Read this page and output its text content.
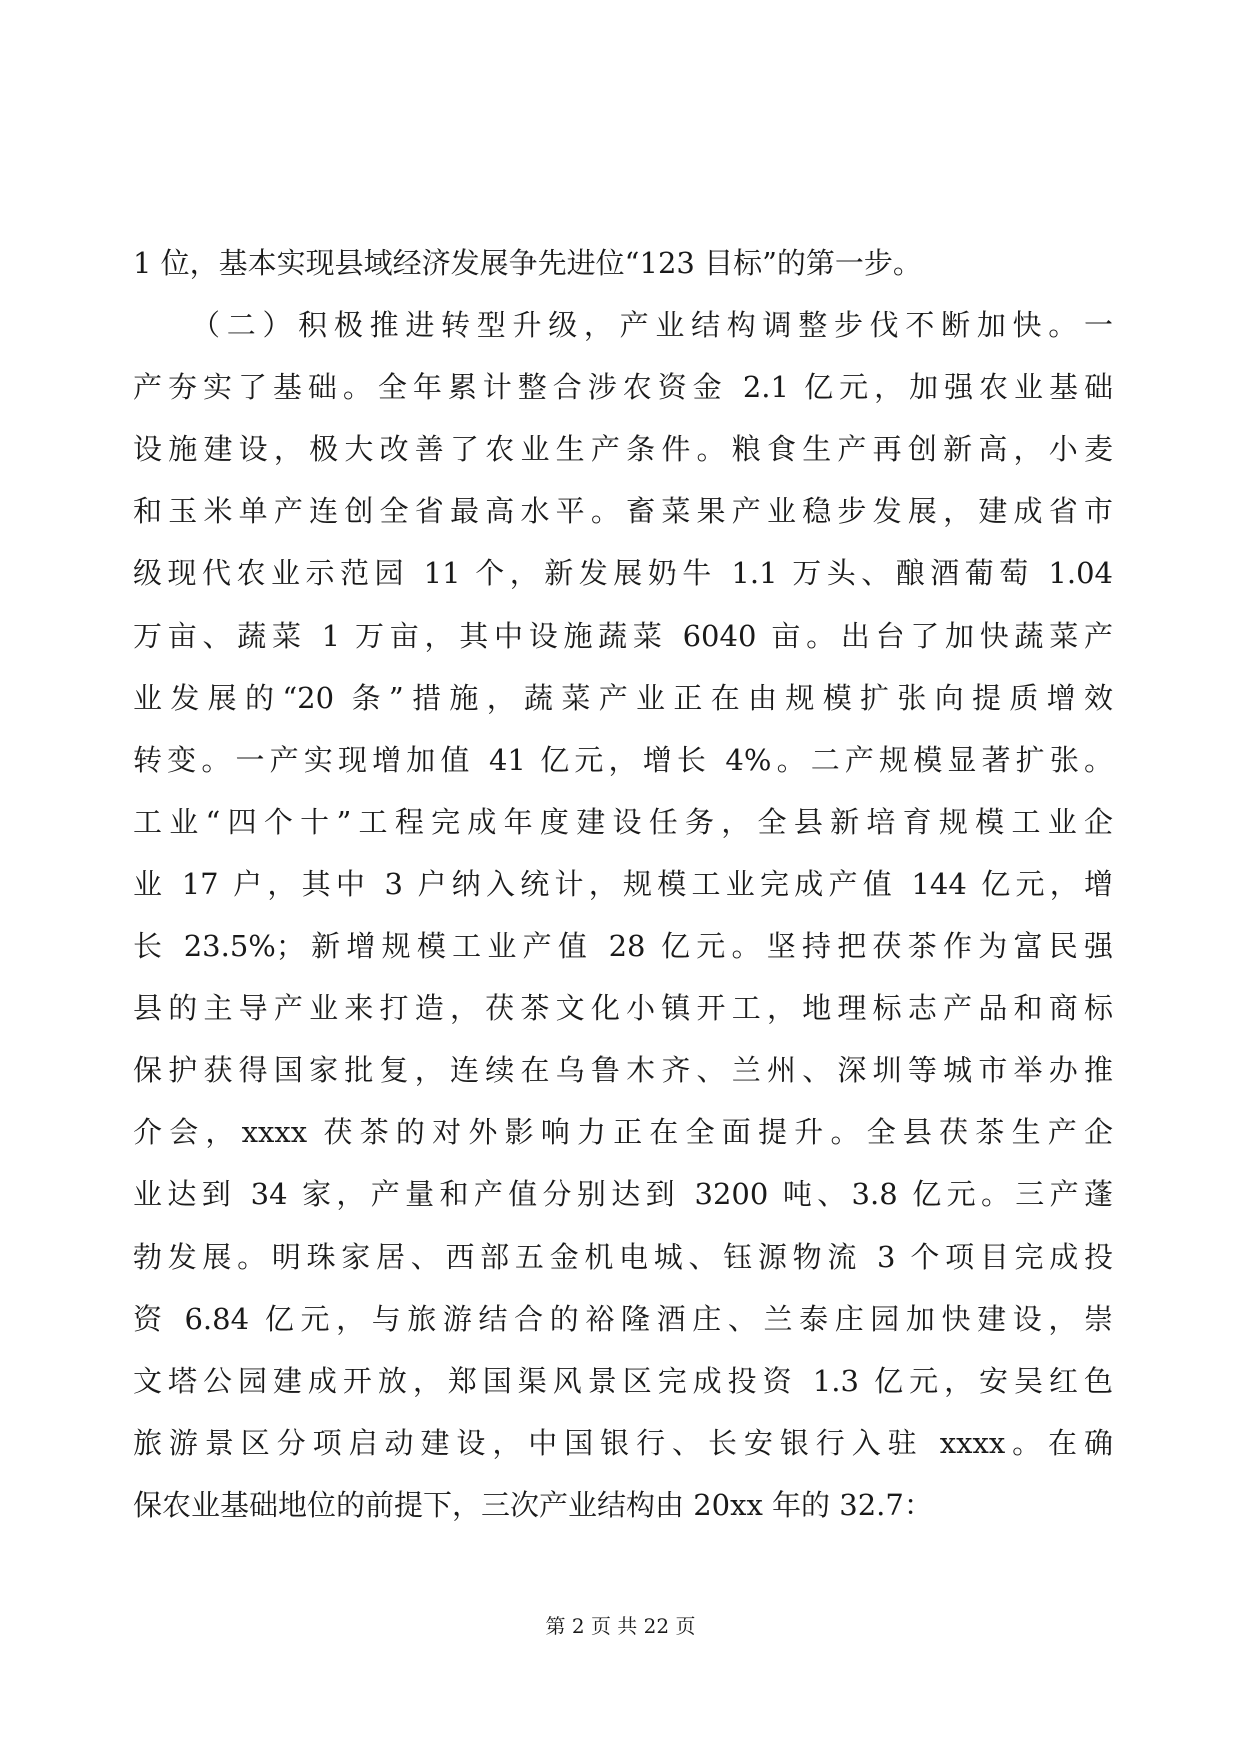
1 位，基本实现县域经济发展争先进位“123 目标”的第一步。
（二）积极推进转型升级，产业结构调整步伐不断加快。一
产夯实了基础。全年累计整合涉农资金 2.1 亿元，加强农业基础
设施建设，极大改善了农业生产条件。粮食生产再创新高，小麦
和玉米单产连创全省最高水平。畜菜果产业稳步发展，建成省市
级现代农业示范园 11 个，新发展奶牛 1.1 万头、酿酒葡萄 1.04
万亩、蔬菜 1 万亩，其中设施蔬菜 6040 亩。出台了加快蔬菜产
业发展的“20 条”措施，蔬菜产业正在由规模扩张向提质增效
转变。一产实现增加值 41 亿元，增长 4%。二产规模显著扩张。
工业“四个十”工程完成年度建设任务，全县新培育规模工业企
业 17 户，其中 3 户纳入统计，规模工业完成产值 144 亿元，增
长 23.5%；新增规模工业产值 28 亿元。坚持把茯茶作为富民强
县的主导产业来打造，茯茶文化小镇开工，地理标志产品和商标
保护获得国家批复，连续在乌鲁木齐、兰州、深圳等城市举办推
介会，xxxx 茯茶的对外影响力正在全面提升。全县茯茶生产企
业达到 34 家，产量和产值分别达到 3200 吨、3.8 亿元。三产蓬
勃发展。明珠家居、西部五金机电城、钰源物流 3 个项目完成投
资 6.84 亿元，与旅游结合的裕隆酒庄、兰泰庄园加快建设，崇
文塔公园建成开放，郑国渠风景区完成投资 1.3 亿元，安吴红色
旅游景区分项启动建设，中国银行、长安银行入驻 xxxx。在确
保农业基础地位的前提下，三次产业结构由 20xx 年的 32.7：
第 2 页 共 22 页
